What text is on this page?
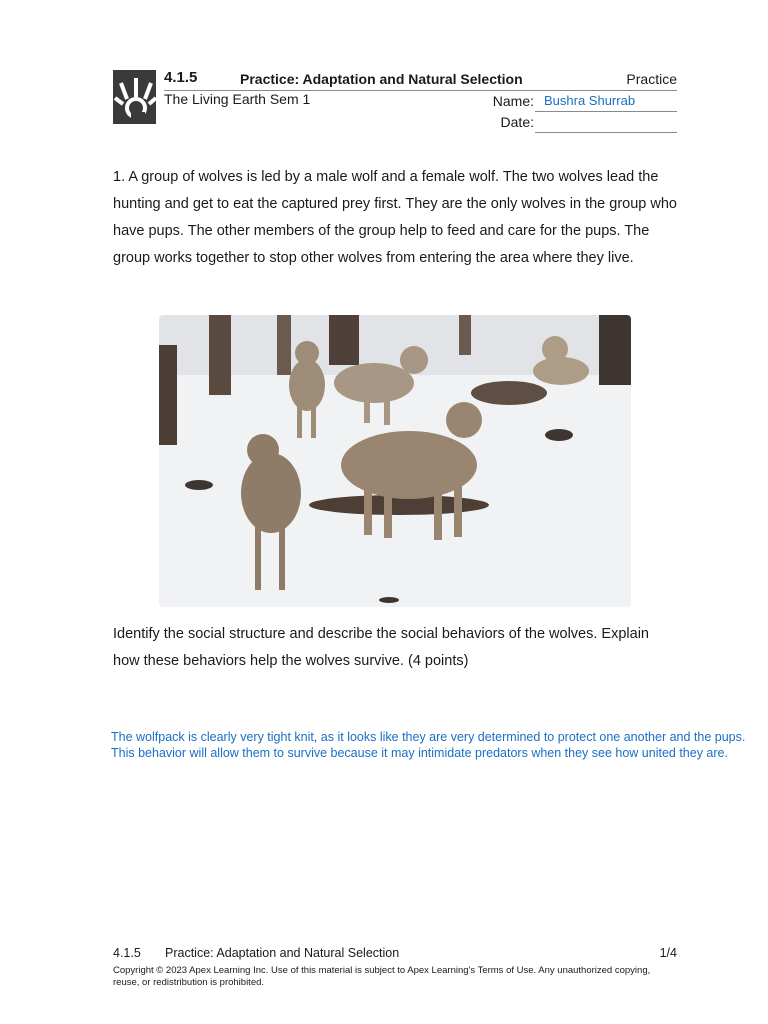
4.1.5	Practice: Adaptation and Natural Selection	Practice
The Living Earth Sem 1	Name: Bushra Shurrab
Date:

1. A group of wolves is led by a male wolf and a female wolf. The two wolves lead the hunting and get to eat the captured prey first. They are the only wolves in the group who have pups. The other members of the group help to feed and care for the pups. The group works together to stop other wolves from entering the area where they live.

Identify the social structure and describe the social behaviors of the wolves. Explain how these behaviors help the wolves survive. (4 points)

The wolfpack is clearly very tight knit, as it looks like they are very determined to protect one another and the pups. This behavior will allow them to survive because it may intimidate predators when they see how united they are.

4.1.5 Practice: Adaptation and Natural Selection	1/4

Copyright © 2023 Apex Learning Inc. Use of this material is subject to Apex Learning's Terms of Use. Any unauthorized copying, reuse, or redistribution is prohibited.
